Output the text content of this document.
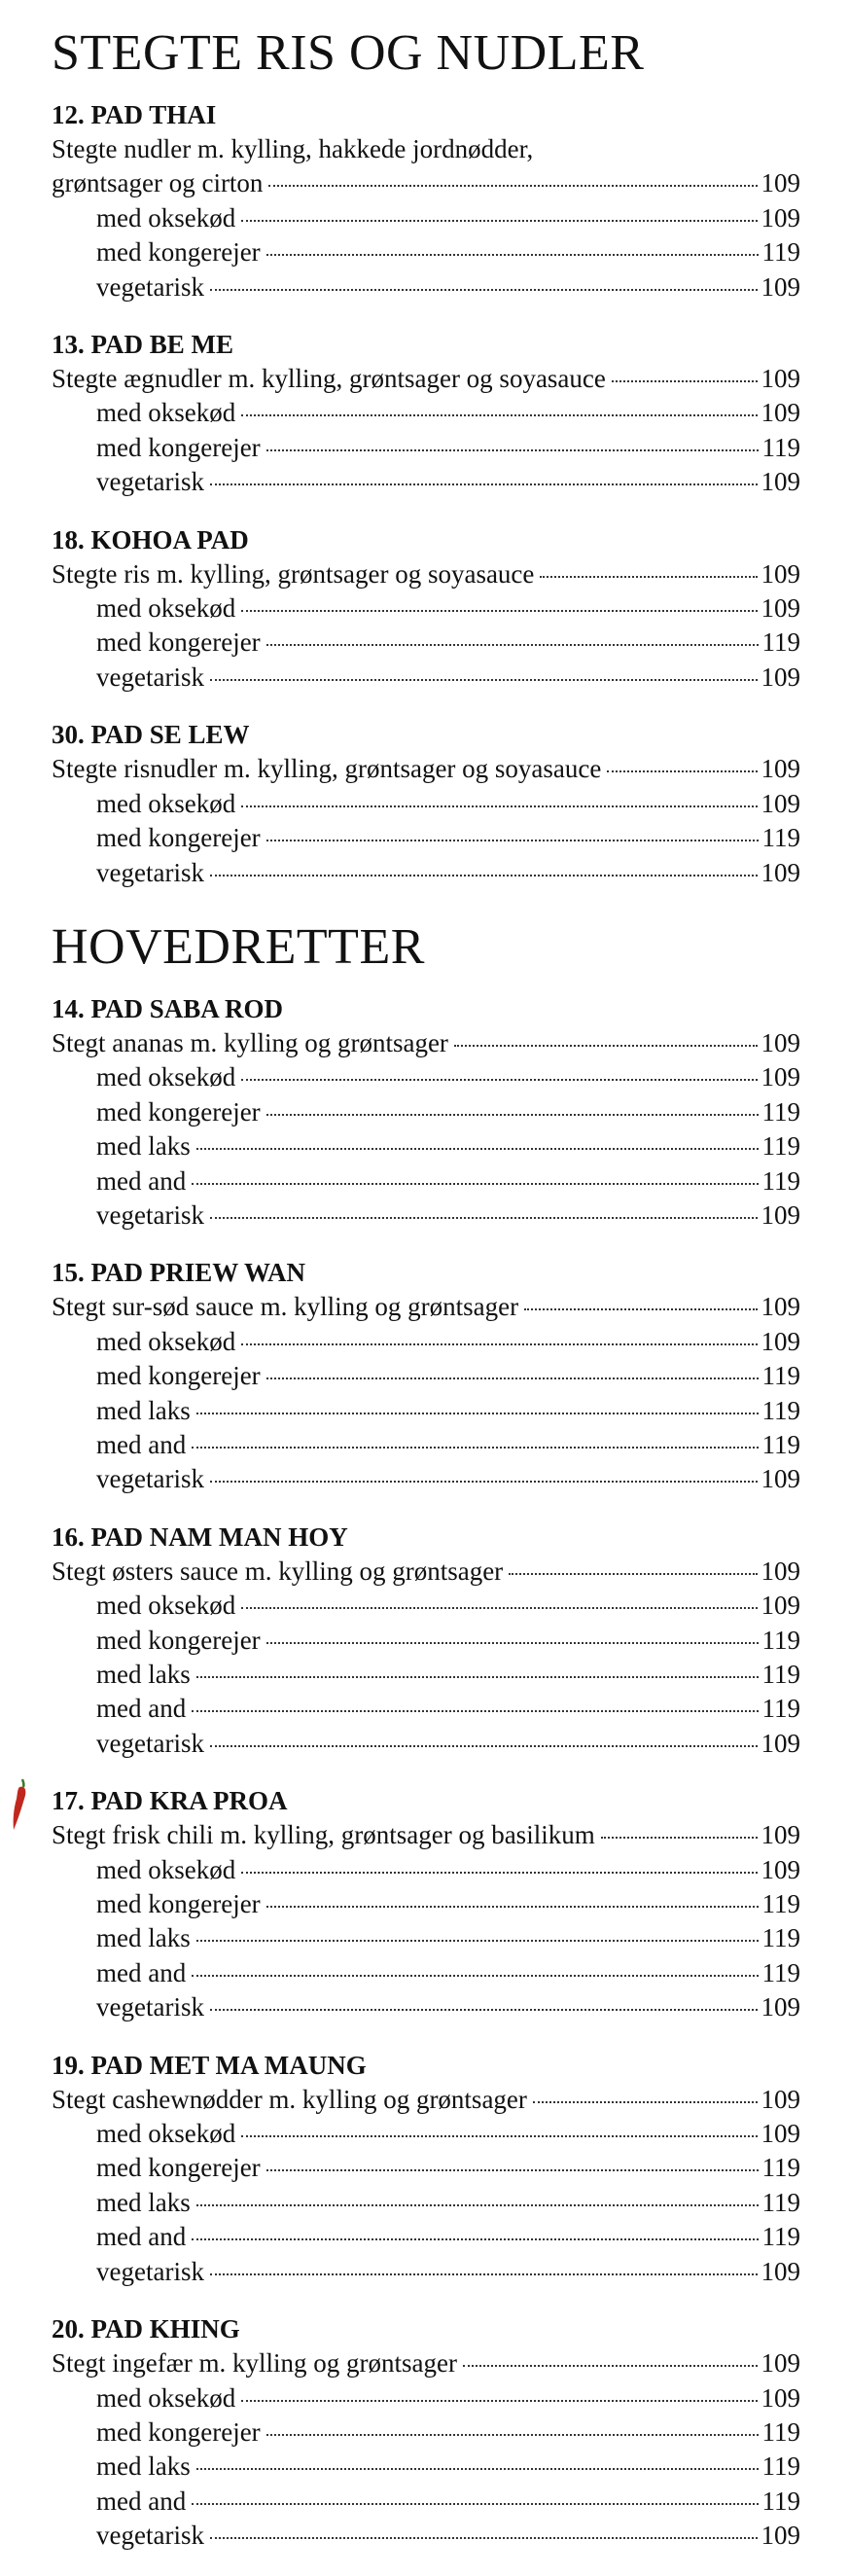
STEGTE RIS OG NUDLER
12. PAD THAI
Stegte nudler m. kylling, hakkede jordnødder,
grøntsager og cirton	109
med oksekød	109
med kongerejer	119
vegetarisk	109
13. PAD BE ME
Stegte ægnudler m. kylling, grøntsager og soyasauce	109
med oksekød	109
med kongerejer	119
vegetarisk	109
18. KOHOA PAD
Stegte ris m. kylling, grøntsager og soyasauce	109
med oksekød	109
med kongerejer	119
vegetarisk	109
30. PAD SE LEW
Stegte risnudler m. kylling, grøntsager og soyasauce	109
med oksekød	109
med kongerejer	119
vegetarisk	109
HOVEDRETTER
14. PAD SABA ROD
Stegt ananas m. kylling og grøntsager	109
med oksekød	109
med kongerejer	119
med laks	119
med and	119
vegetarisk	109
15. PAD PRIEW WAN
Stegt sur-sød sauce m. kylling og grøntsager	109
med oksekød	109
med kongerejer	119
med laks	119
med and	119
vegetarisk	109
16. PAD NAM MAN HOY
Stegt østers sauce m. kylling og grøntsager	109
med oksekød	109
med kongerejer	119
med laks	119
med and	119
vegetarisk	109
17. PAD KRA PROA
Stegt frisk chili m. kylling, grøntsager og basilikum	109
med oksekød	109
med kongerejer	119
med laks	119
med and	119
vegetarisk	109
19. PAD MET MA MAUNG
Stegt cashewnødder m. kylling og grøntsager	109
med oksekød	109
med kongerejer	119
med laks	119
med and	119
vegetarisk	109
20. PAD KHING
Stegt ingefær m. kylling og grøntsager	109
med oksekød	109
med kongerejer	119
med laks	119
med and	119
vegetarisk	109
